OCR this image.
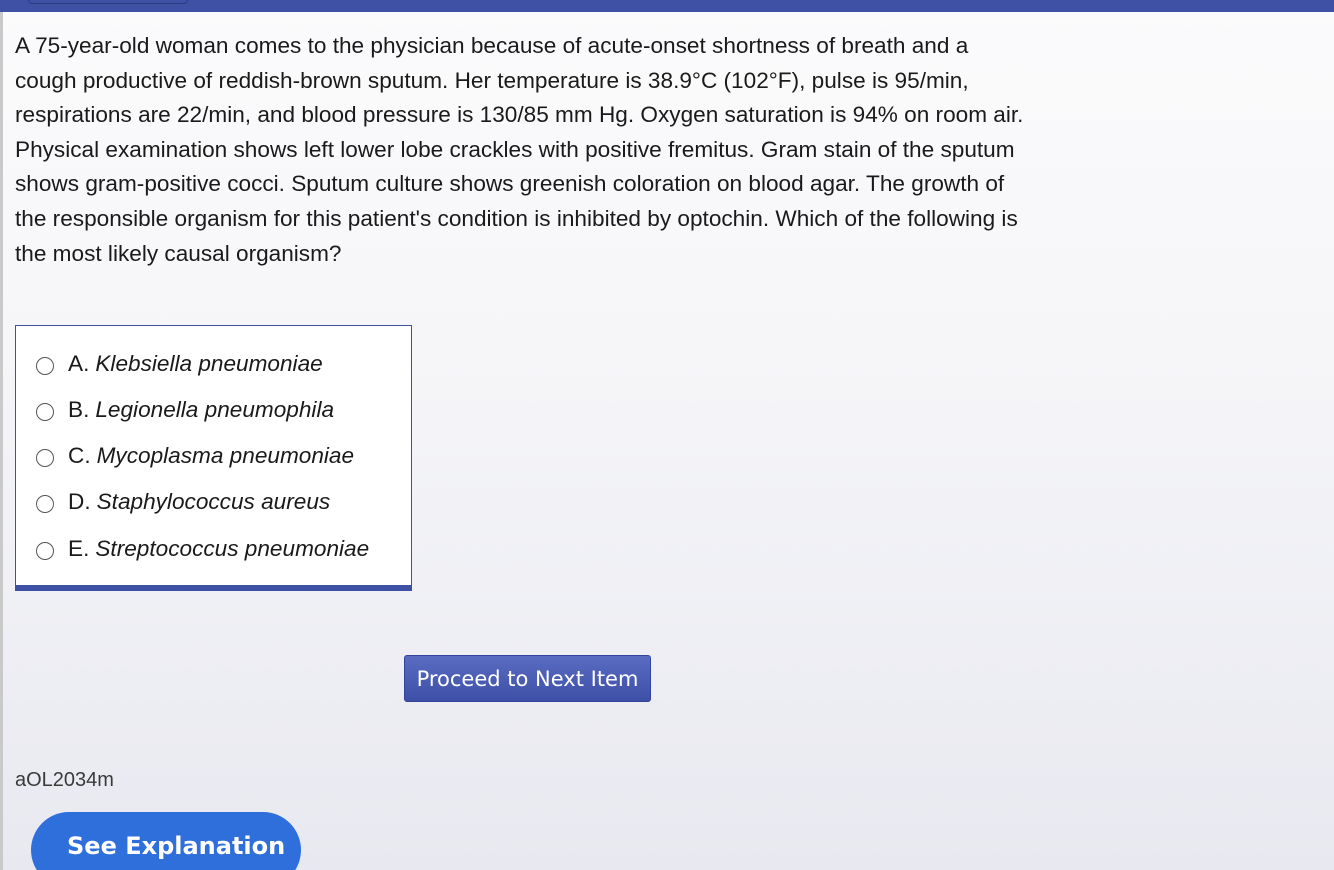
A 75-year-old woman comes to the physician because of acute-onset shortness of breath and a cough productive of reddish-brown sputum. Her temperature is 38.9°C (102°F), pulse is 95/min, respirations are 22/min, and blood pressure is 130/85 mm Hg. Oxygen saturation is 94% on room air. Physical examination shows left lower lobe crackles with positive fremitus. Gram stain of the sputum shows gram-positive cocci. Sputum culture shows greenish coloration on blood agar. The growth of the responsible organism for this patient's condition is inhibited by optochin. Which of the following is the most likely causal organism?

A. Klebsiella pneumoniae
B. Legionella pneumophila
C. Mycoplasma pneumoniae
D. Staphylococcus aureus
E. Streptococcus pneumoniae
Proceed to Next Item
aOL2034m
See Explanation
